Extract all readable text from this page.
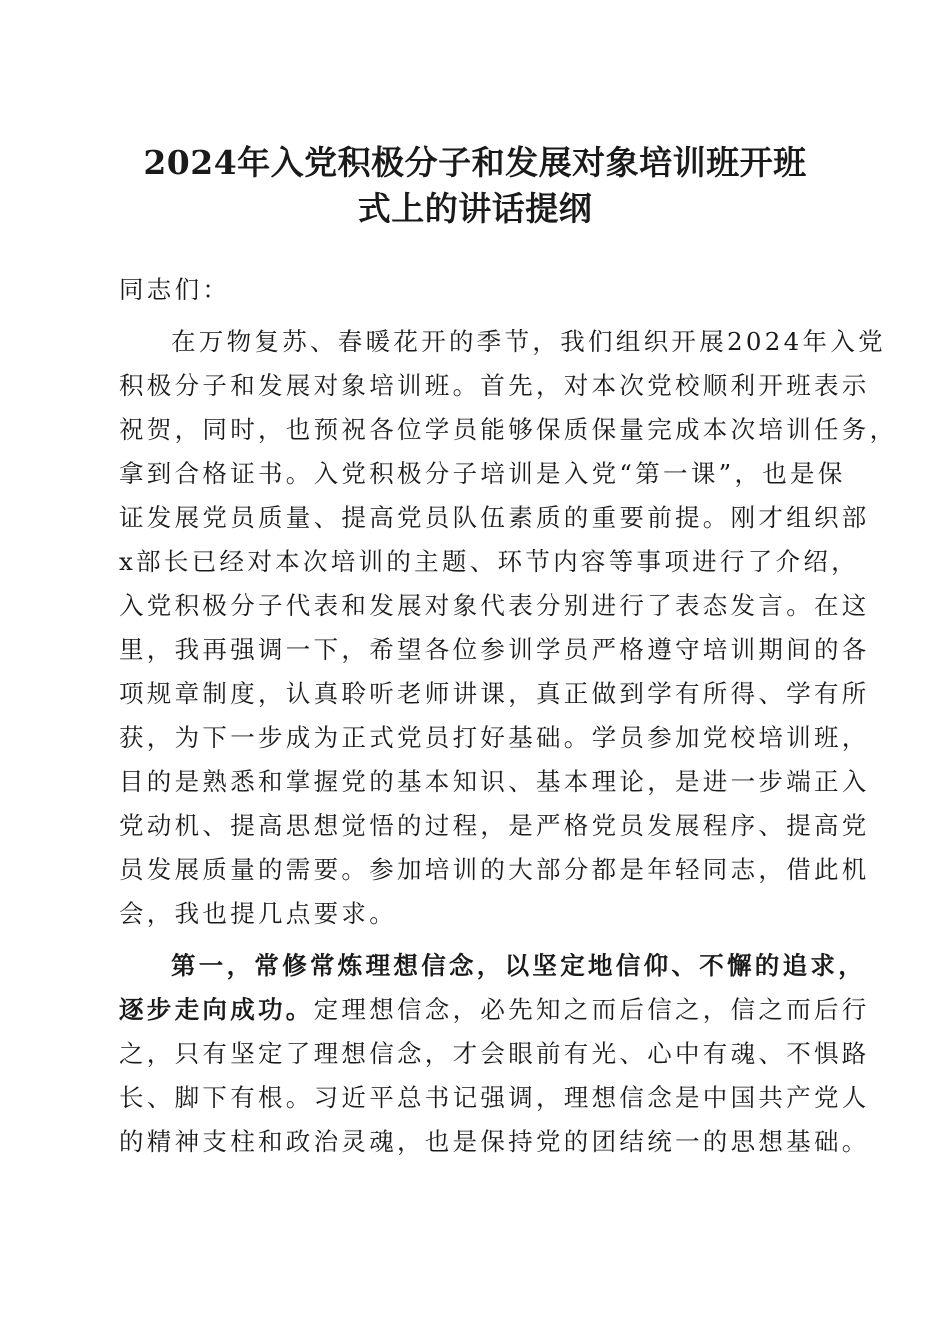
2024年入党积极分子和发展对象培训班开班
式上的讲话提纲
同志们：
在万物复苏、春暖花开的季节，我们组织开展2024年入党
积极分子和发展对象培训班。首先，对本次党校顺利开班表示
祝贺，同时，也预祝各位学员能够保质保量完成本次培训任务，
拿到合格证书。入党积极分子培训是入党“第一课”，也是保
证发展党员质量、提高党员队伍素质的重要前提。刚才组织部
x部长已经对本次培训的主题、环节内容等事项进行了介绍，
入党积极分子代表和发展对象代表分别进行了表态发言。在这
里，我再强调一下，希望各位参训学员严格遵守培训期间的各
项规章制度，认真聆听老师讲课，真正做到学有所得、学有所
获，为下一步成为正式党员打好基础。学员参加党校培训班，
目的是熟悉和掌握党的基本知识、基本理论，是进一步端正入
党动机、提高思想觉悟的过程，是严格党员发展程序、提高党
员发展质量的需要。参加培训的大部分都是年轻同志，借此机
会，我也提几点要求。
第一，常修常炼理想信念，以坚定地信仰、不懈的追求，
逐步走向成功。定理想信念，必先知之而后信之，信之而后行
之，只有坚定了理想信念，才会眼前有光、心中有魂、不惧路
长、脚下有根。习近平总书记强调，理想信念是中国共产党人
的精神支柱和政治灵魂，也是保持党的团结统一的思想基础。
